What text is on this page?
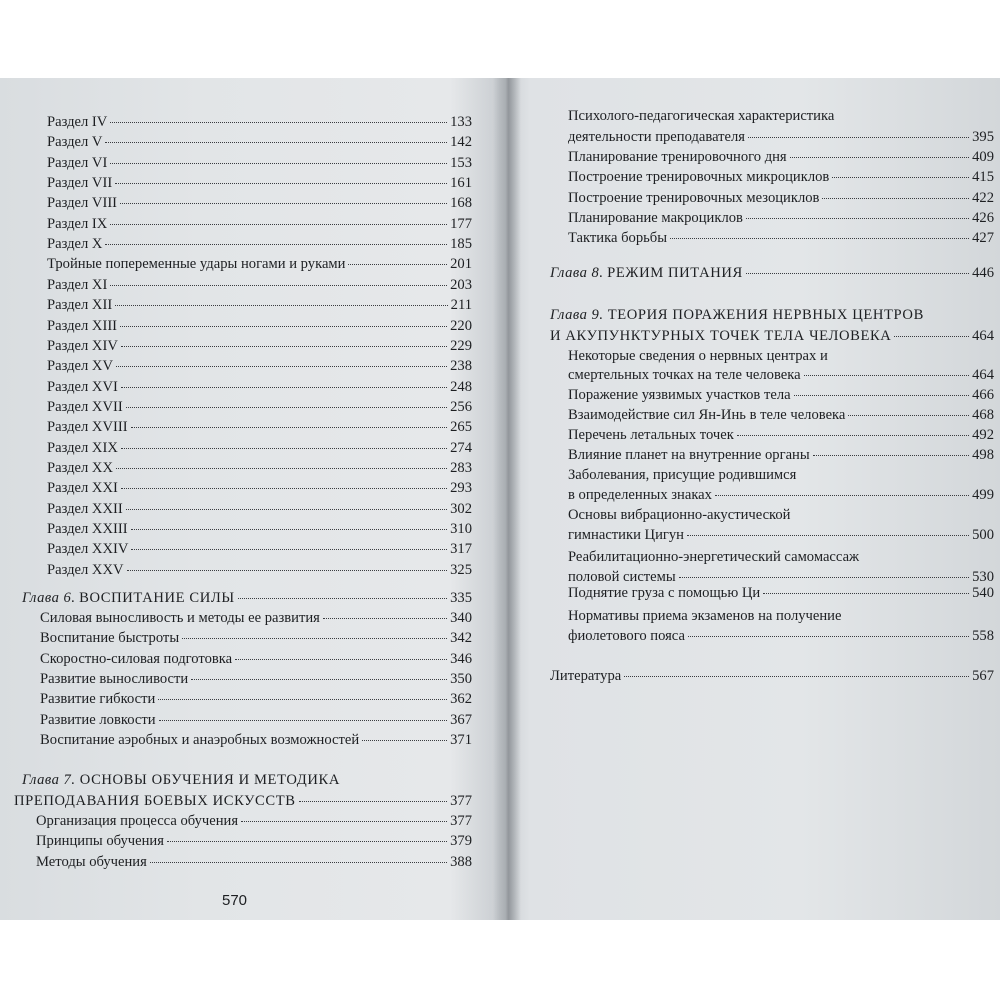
Раздел IV	133
Раздел V	142
Раздел VI	153
Раздел VII	161
Раздел VIII	168
Раздел IX	177
Раздел X	185
Тройные попеременные удары ногами и руками	201
Раздел XI	203
Раздел XII	211
Раздел XIII	220
Раздел XIV	229
Раздел XV	238
Раздел XVI	248
Раздел XVII	256
Раздел XVIII	265
Раздел XIX	274
Раздел XX	283
Раздел XXI	293
Раздел XXII	302
Раздел XXIII	310
Раздел XXIV	317
Раздел XXV	325
Глава 6. ВОСПИТАНИЕ СИЛЫ	335
Силовая выносливость и методы ее развития	340
Воспитание быстроты	342
Скоростно-силовая подготовка	346
Развитие выносливости	350
Развитие гибкости	362
Развитие ловкости	367
Воспитание аэробных и анаэробных возможностей	371
Глава 7. ОСНОВЫ ОБУЧЕНИЯ И МЕТОДИКА
ПРЕПОДАВАНИЯ БОЕВЫХ ИСКУССТВ	377
Организация процесса обучения	377
Принципы обучения	379
Методы обучения	388
570
Психолого-педагогическая характеристика
деятельности преподавателя	395
Планирование тренировочного дня	409
Построение тренировочных микроциклов	415
Построение тренировочных мезоциклов	422
Планирование макроциклов	426
Тактика борьбы	427
Глава 8. РЕЖИМ ПИТАНИЯ	446
Глава 9. ТЕОРИЯ ПОРАЖЕНИЯ НЕРВНЫХ ЦЕНТРОВ
И АКУПУНКТУРНЫХ ТОЧЕК ТЕЛА ЧЕЛОВЕКА	464
Некоторые сведения о нервных центрах и
смертельных точках на теле человека	464
Поражение уязвимых участков тела	466
Взаимодействие сил Ян-Инь в теле человека	468
Перечень летальных точек	492
Влияние планет на внутренние органы	498
Заболевания, присущие родившимся
в определенных знаках	499
Основы вибрационно-акустической
гимнастики Цигун	500
Реабилитационно-энергетический самомассаж
половой системы	530
Поднятие груза с помощью Ци	540
Нормативы приема экзаменов на получение
фиолетового пояса	558
Литература	567
